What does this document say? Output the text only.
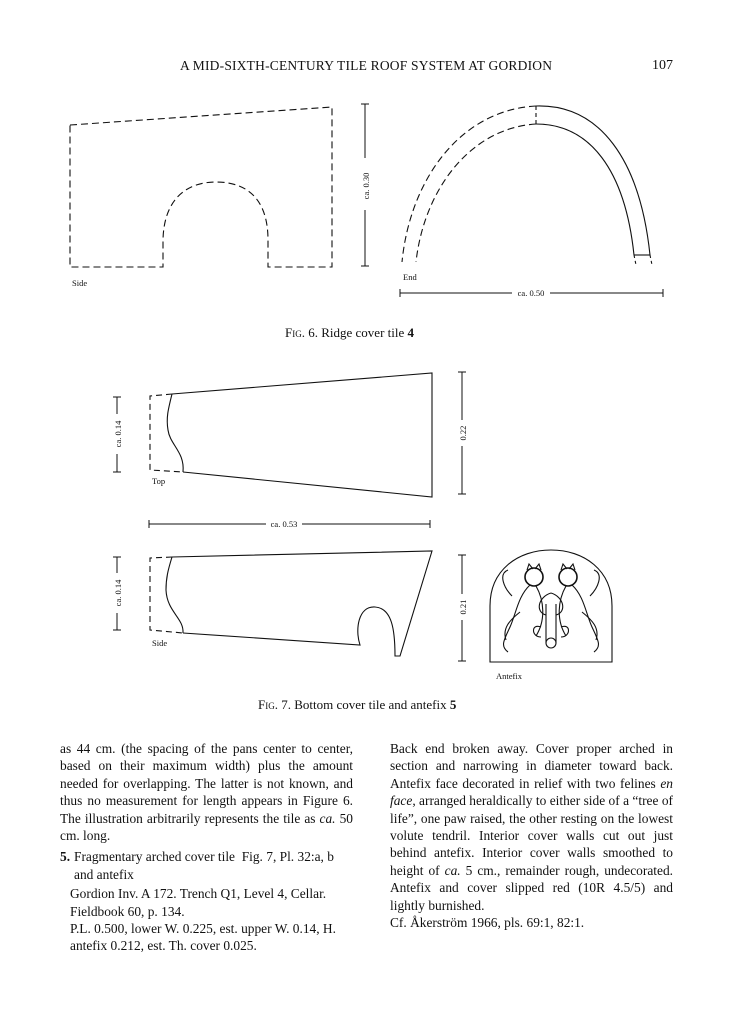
A MID-SIXTH-CENTURY TILE ROOF SYSTEM AT GORDION	107
Side
ca. 0.30
End
ca. 0.50
Top
ca. 0.14	0.22
ca. 0.53
Side
ca. 0.14
0.21
Antefix
Fig. 6. Ridge cover tile 4
Fig. 7. Bottom cover tile and antefix 5

as 44 cm. (the spacing of the pans center to center, based on their maximum width) plus the amount needed for overlapping. The latter is not known, and thus no measurement for length appears in Figure 6. The illustration arbitrarily represents the tile as ca. 50 cm. long.

5. Fragmentary arched cover tile Fig. 7, Pl. 32:a, b and antefix

Gordion Inv. A 172. Trench Q1, Level 4, Cellar. Fieldbook 60, p. 134.

P.L. 0.500, lower W. 0.225, est. upper W. 0.14, H. antefix 0.212, est. Th. cover 0.025.

Back end broken away. Cover proper arched in section and narrowing in diameter toward back. Antefix face decorated in relief with two felines en face, arranged heraldically to either side of a “tree of life”, one paw raised, the other resting on the lowest volute tendril. Interior cover walls cut out just behind antefix. Interior cover walls smoothed to height of ca. 5 cm., remainder rough, undecorated. Antefix and cover slipped red (10R 4.5/5) and lightly burnished.

Cf. Åkerström 1966, pls. 69:1, 82:1.
